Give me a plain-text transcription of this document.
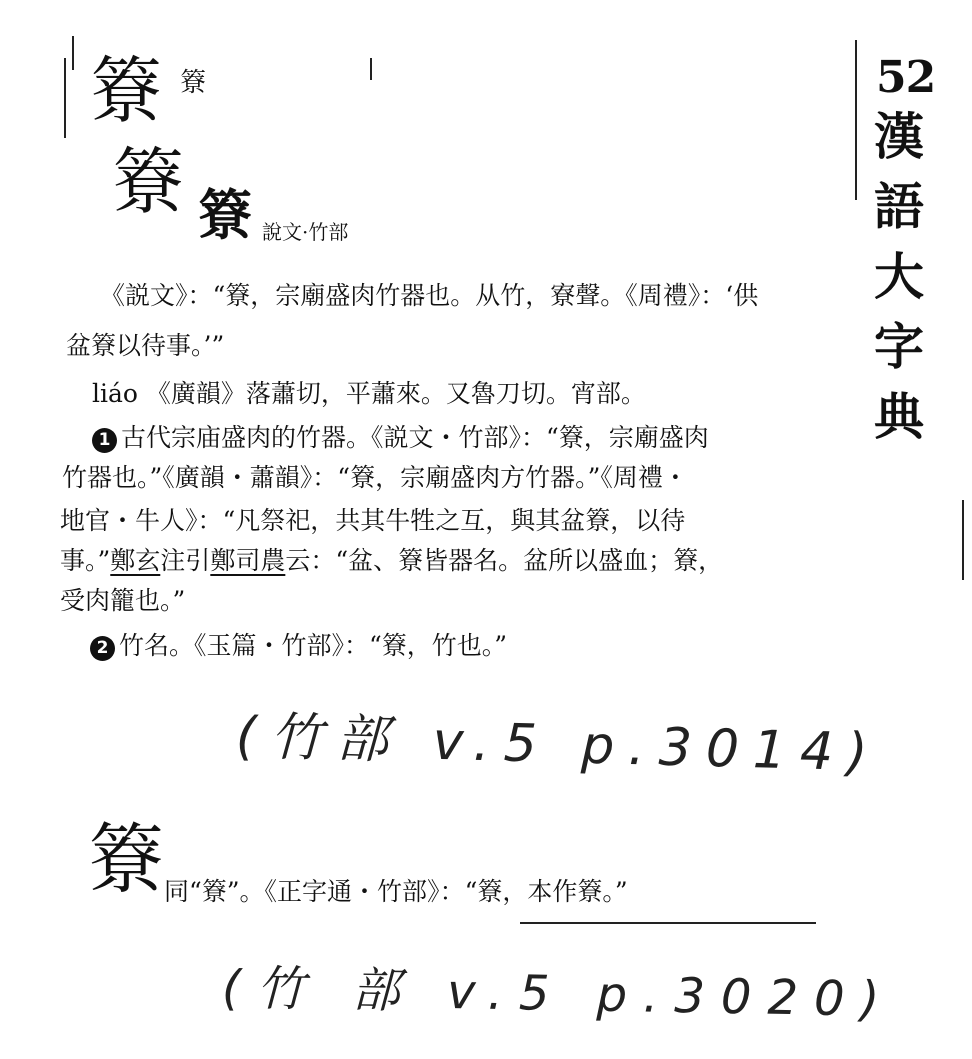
52
漢
語
大
字
典
簝 簝
簝 簝 說文·竹部
《説文》：“簝，宗廟盛肉竹器也。从竹，寮聲。《周禮》：‘供
盆簝以待事。’”
liáo 《廣韻》落蕭切，平蕭來。又魯刀切。宵部。
1 古代宗庙盛肉的竹器。《説文・竹部》：“簝，宗廟盛肉
竹器也。”《廣韻・蕭韻》：“簝，宗廟盛肉方竹器。”《周禮・
地官・牛人》：“凡祭祀，共其牛牲之互，與其盆簝，以待
事。”鄭玄注引鄭司農云：“盆、簝皆器名。盆所以盛血；簝，
受肉籠也。”
2 竹名。《玉篇・竹部》：“簝，竹也。”
(竹部 v.5 p.3014)
簝 同“簝”。《正字通・竹部》：“簝，本作簝。”
(竹 部 v.5 p.3020)
